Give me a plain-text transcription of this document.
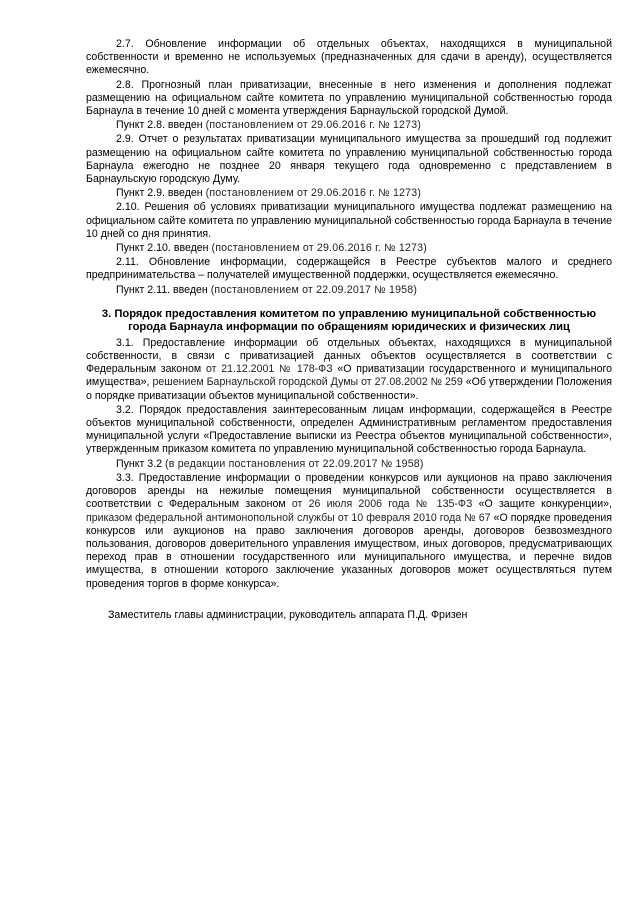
2.7. Обновление информации об отдельных объектах, находящихся в муниципальной собственности и временно не используемых (предназначенных для сдачи в аренду), осуществляется ежемесячно.

2.8. Прогнозный план приватизации, внесенные в него изменения и дополнения подлежат размещению на официальном сайте комитета по управлению муниципальной собственностью города Барнаула в течение 10 дней с момента утверждения Барнаульской городской Думой.

Пункт 2.8. введен (постановлением от 29.06.2016 г. № 1273)

2.9. Отчет о результатах приватизации муниципального имущества за прошедший год подлежит размещению на официальном сайте комитета по управлению муниципальной собственностью города Барнаула ежегодно не позднее 20 января текущего года одновременно с представлением в Барнаульскую городскую Думу.

Пункт 2.9. введен (постановлением от 29.06.2016 г. № 1273)

2.10. Решения об условиях приватизации муниципального имущества подлежат размещению на официальном сайте комитета по управлению муниципальной собственностью города Барнаула в течение 10 дней со дня принятия.

Пункт 2.10. введен (постановлением от 29.06.2016 г. № 1273)

2.11. Обновление информации, содержащейся в Реестре субъектов малого и среднего предпринимательства – получателей имущественной поддержки, осуществляется ежемесячно.

Пункт 2.11. введен (постановлением от 22.09.2017 № 1958)

3. Порядок предоставления комитетом по управлению муниципальной собственностью города Барнаула информации по обращениям юридических и физических лиц

3.1. Предоставление информации об отдельных объектах, находящихся в муниципальной собственности, в связи с приватизацией данных объектов осуществляется в соответствии с Федеральным законом от 21.12.2001 № 178-ФЗ «О приватизации государственного и муниципального имущества», решением Барнаульской городской Думы от 27.08.2002 № 259 «Об утверждении Положения о порядке приватизации объектов муниципальной собственности».

3.2. Порядок предоставления заинтересованным лицам информации, содержащейся в Реестре объектов муниципальной собственности, определен Административным регламентом предоставления муниципальной услуги «Предоставление выписки из Реестра объектов муниципальной собственности», утвержденным приказом комитета по управлению муниципальной собственностью города Барнаула.

Пункт 3.2 (в редакции постановления от 22.09.2017 № 1958)

3.3. Предоставление информации о проведении конкурсов или аукционов на право заключения договоров аренды на нежилые помещения муниципальной собственности осуществляется в соответствии с Федеральным законом от 26 июля 2006 года № 135-ФЗ «О защите конкуренции», приказом федеральной антимонопольной службы от 10 февраля 2010 года № 67 «О порядке проведения конкурсов или аукционов на право заключения договоров аренды, договоров безвозмездного пользования, договоров доверительного управления имуществом, иных договоров, предусматривающих переход прав в отношении государственного или муниципального имущества, и перечне видов имущества, в отношении которого заключение указанных договоров может осуществляться путем проведения торгов в форме конкурса».

Заместитель главы администрации, руководитель аппарата П.Д. Фризен
